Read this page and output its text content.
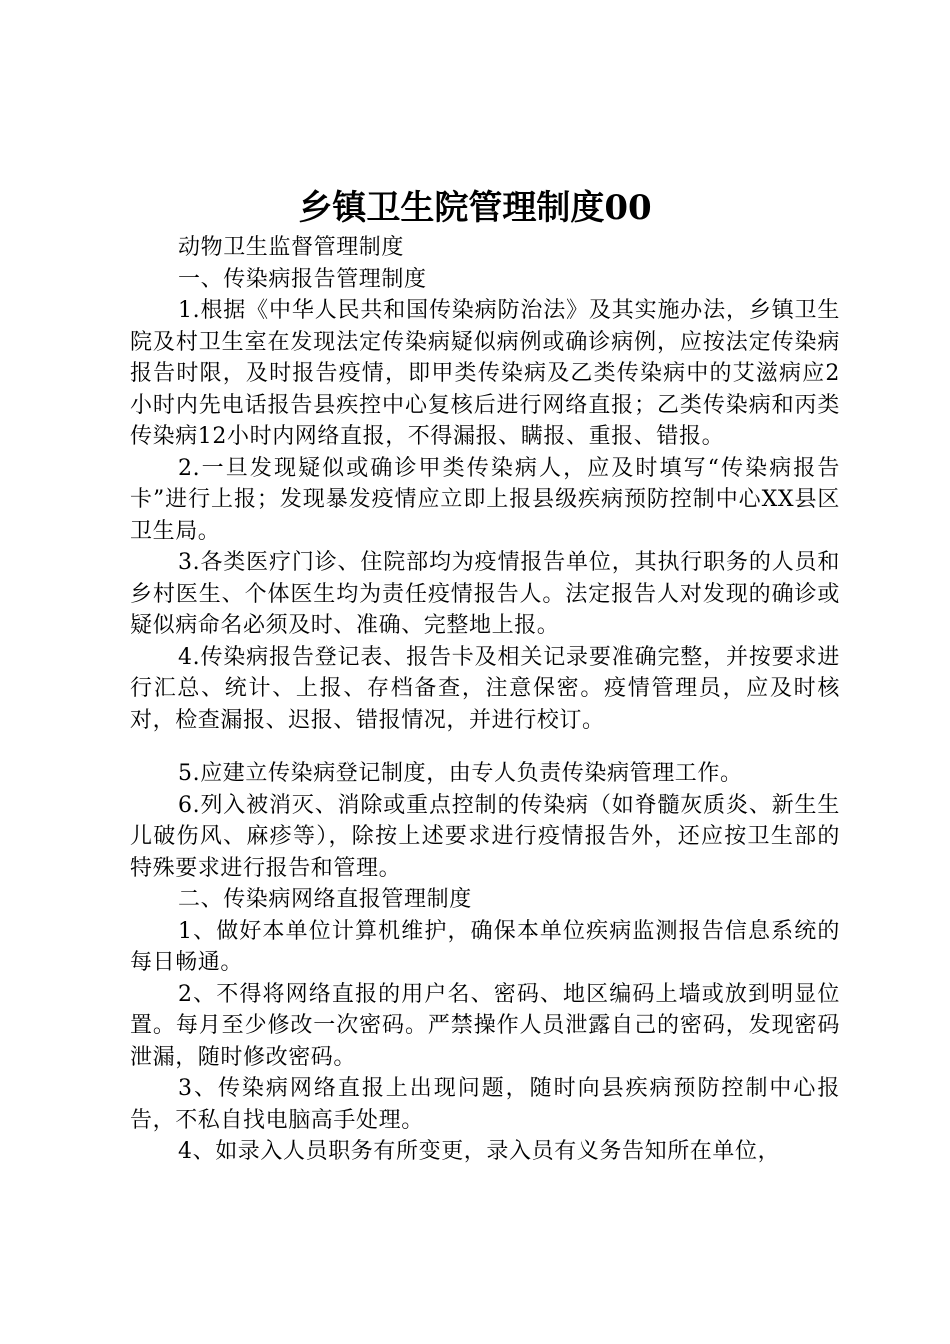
乡镇卫生院管理制度00

动物卫生监督管理制度

一、传染病报告管理制度

1.根据《中华人民共和国传染病防治法》及其实施办法，乡镇卫生院及村卫生室在发现法定传染病疑似病例或确诊病例，应按法定传染病报告时限，及时报告疫情，即甲类传染病及乙类传染病中的艾滋病应2小时内先电话报告县疾控中心复核后进行网络直报；乙类传染病和丙类传染病12小时内网络直报，不得漏报、瞒报、重报、错报。

2.一旦发现疑似或确诊甲类传染病人，应及时填写“传染病报告卡”进行上报；发现暴发疫情应立即上报县级疾病预防控制中心XX县区卫生局。

3.各类医疗门诊、住院部均为疫情报告单位，其执行职务的人员和乡村医生、个体医生均为责任疫情报告人。法定报告人对发现的确诊或疑似病命名必须及时、准确、完整地上报。

4.传染病报告登记表、报告卡及相关记录要准确完整，并按要求进行汇总、统计、上报、存档备查，注意保密。疫情管理员，应及时核对，检查漏报、迟报、错报情况，并进行校订。

5.应建立传染病登记制度，由专人负责传染病管理工作。

6.列入被消灭、消除或重点控制的传染病（如脊髓灰质炎、新生生儿破伤风、麻疹等），除按上述要求进行疫情报告外，还应按卫生部的特殊要求进行报告和管理。

二、传染病网络直报管理制度

1、做好本单位计算机维护，确保本单位疾病监测报告信息系统的每日畅通。

2、不得将网络直报的用户名、密码、地区编码上墙或放到明显位置。每月至少修改一次密码。严禁操作人员泄露自己的密码，发现密码泄漏，随时修改密码。

3、传染病网络直报上出现问题，随时向县疾病预防控制中心报告，不私自找电脑高手处理。

4、如录入人员职务有所变更，录入员有义务告知所在单位，
